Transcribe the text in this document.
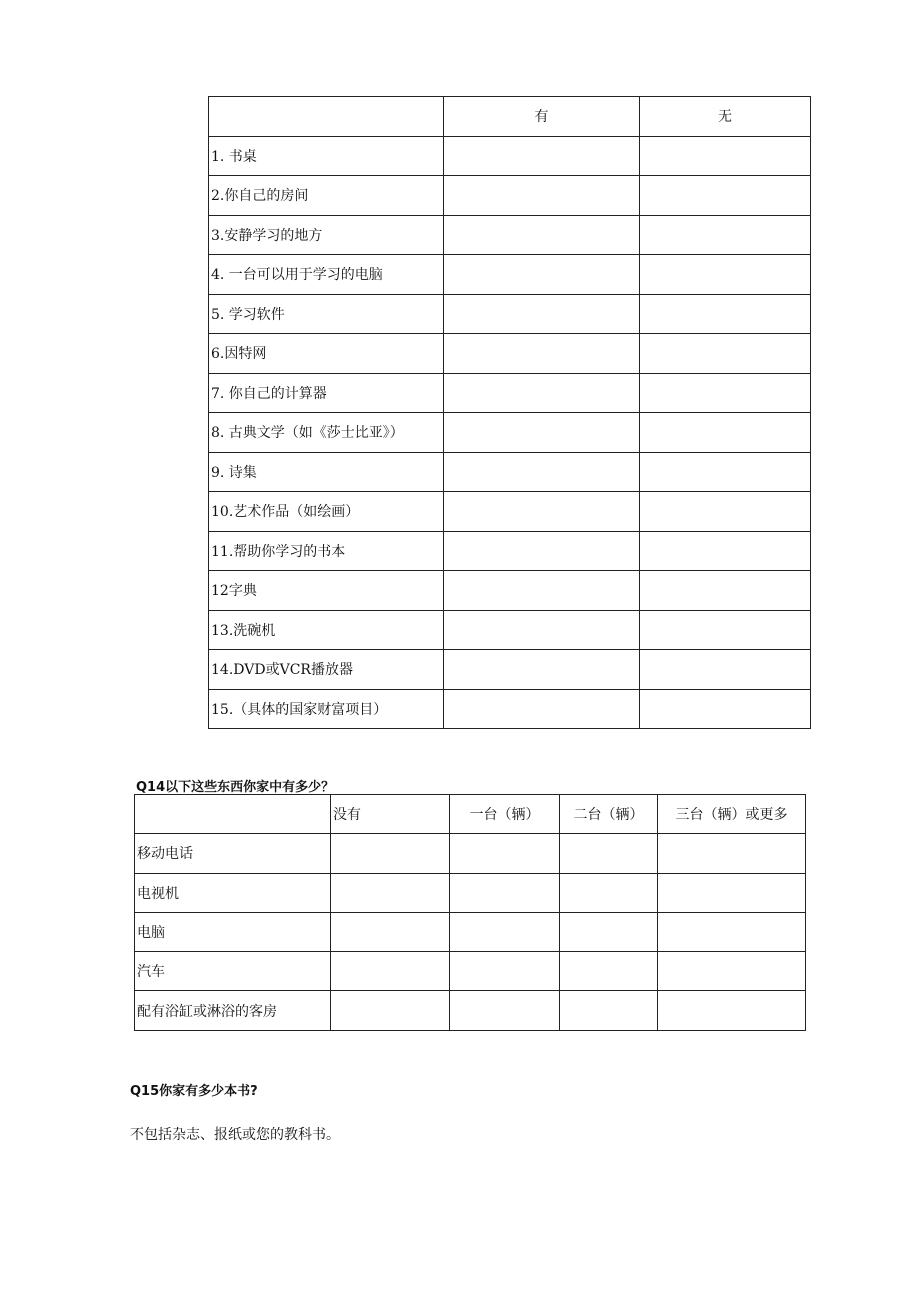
	有	无
1. 书桌		
2.你自己的房间		
3.安静学习的地方		
4. 一台可以用于学习的电脑		
5. 学习软件		
6.因特网		
7. 你自己的计算器		
8. 古典文学（如《莎士比亚》）		
9. 诗集		
10.艺术作品（如绘画）		
11.帮助你学习的书本		
12字典		
13.洗碗机		
14.DVD或VCR播放器		
15.（具体的国家财富项目）		
Q14以下这些东西你家中有多少？
	没有	一台（辆）	二台（辆）	三台（辆）或更多
移动电话				
电视机				
电脑				
汽车				
配有浴缸或淋浴的客房				
Q15你家有多少本书?
不包括杂志、报纸或您的教科书。
